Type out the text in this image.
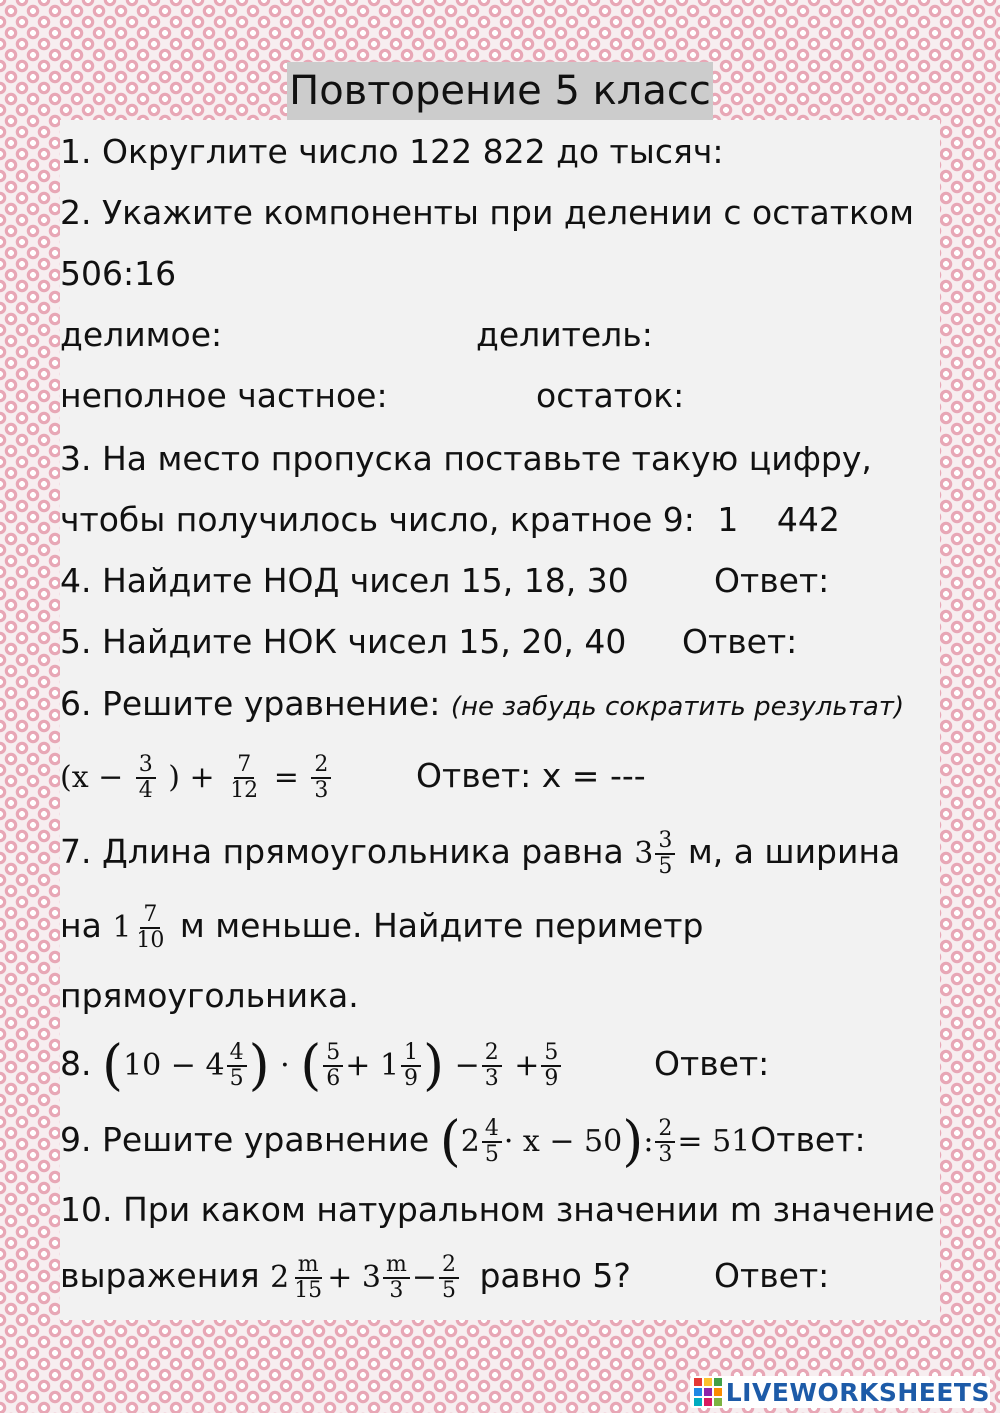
Повторение 5 класс
1. Округлите число 122 822 до тысяч:
2. Укажите компоненты при делении с остатком
506:16
делимое:	делитель:
неполное частное:	остаток:
3. На место пропуска поставьте такую цифру,
чтобы получилось число, кратное 9: 1 442
4. Найдите НОД чисел 15, 18, 30	Ответ:
5. Найдите НОК чисел 15, 20, 40 Ответ:
6. Решите уравнение: (не забудь сократить результат)
($x - \frac{3}{4}$ ) + $\frac{7}{12} = \frac{2}{3}$	Ответ: x = ---
7. Длина прямоугольника равна $3 \frac{3}{5} м$, а ширина
на $1 \frac{7}{10}$ м меньше. Найдите периметр
прямоугольника.
8. ($10 - 4 \frac{4}{5}$ ) · ( $\frac{5}{6} + 1 \frac{1}{9}$ ) − $\frac{2}{3} + \frac{5}{9}$	Ответ:
9. Решите уравнение $(2 \frac{4}{5} \cdot x - 50)$: $\frac{2}{3}$ = 51Ответ:
10. При каком натуральном значении m значение
выражения $2 \frac{m}{15} + 3 \frac{m}{3} - \frac{2}{5}$ равно 5?	Ответ:
LIVEWORKSHEETS
